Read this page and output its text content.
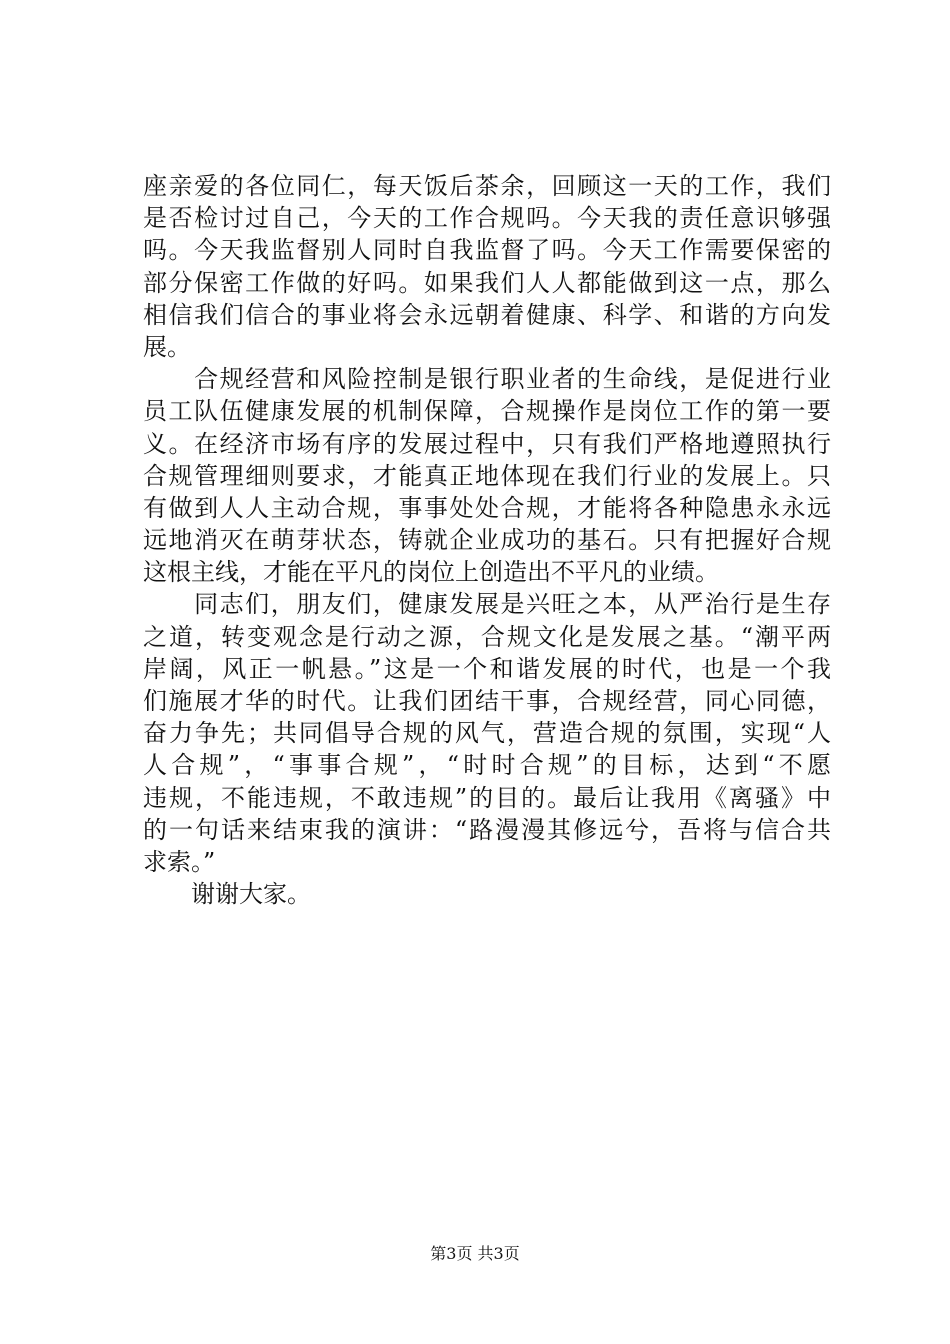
座亲爱的各位同仁，每天饭后茶余，回顾这一天的工作，我们
是否检讨过自己，今天的工作合规吗。今天我的责任意识够强
吗。今天我监督别人同时自我监督了吗。今天工作需要保密的
部分保密工作做的好吗。如果我们人人都能做到这一点，那么
相信我们信合的事业将会永远朝着健康、科学、和谐的方向发
展。
　　合规经营和风险控制是银行职业者的生命线，是促进行业
员工队伍健康发展的机制保障，合规操作是岗位工作的第一要
义。在经济市场有序的发展过程中，只有我们严格地遵照执行
合规管理细则要求，才能真正地体现在我们行业的发展上。只
有做到人人主动合规，事事处处合规，才能将各种隐患永永远
远地消灭在萌芽状态，铸就企业成功的基石。只有把握好合规
这根主线，才能在平凡的岗位上创造出不平凡的业绩。
　　同志们，朋友们，健康发展是兴旺之本，从严治行是生存
之道，转变观念是行动之源，合规文化是发展之基。“潮平两
岸阔，风正一帆悬。”这是一个和谐发展的时代，也是一个我
们施展才华的时代。让我们团结干事，合规经营，同心同德，
奋力争先；共同倡导合规的风气，营造合规的氛围，实现“人
人合规”，“事事合规”，“时时合规”的目标，达到“不愿
违规，不能违规，不敢违规”的目的。最后让我用《离骚》中
的一句话来结束我的演讲：“路漫漫其修远兮，吾将与信合共
求索。”
　　谢谢大家。
第3页 共3页
